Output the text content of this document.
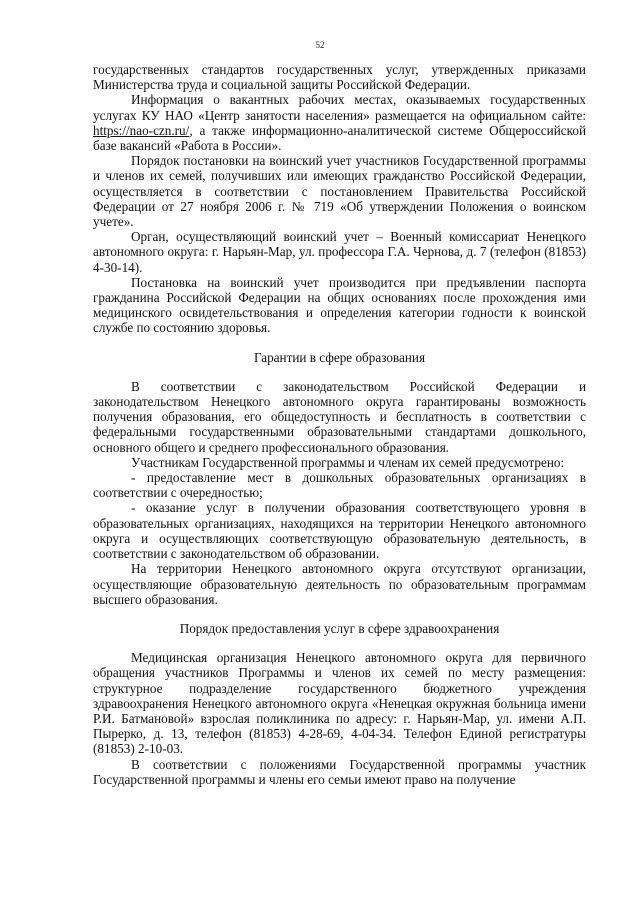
52

государственных стандартов государственных услуг, утвержденных приказами Министерства труда и социальной защиты Российской Федерации.

Информация о вакантных рабочих местах, оказываемых государственных услугах КУ НАО «Центр занятости населения» размещается на официальном сайте: https://nao-czn.ru/, а также информационно-аналитической системе Общероссийской базе вакансий «Работа в России».

Порядок постановки на воинский учет участников Государственной программы и членов их семей, получивших или имеющих гражданство Российской Федерации, осуществляется в соответствии с постановлением Правительства Российской Федерации от 27 ноября 2006 г. № 719 «Об утверждении Положения о воинском учете».

Орган, осуществляющий воинский учет – Военный комиссариат Ненецкого автономного округа: г. Нарьян-Мар, ул. профессора Г.А. Чернова, д. 7 (телефон (81853) 4-30-14).

Постановка на воинский учет производится при предъявлении паспорта гражданина Российской Федерации на общих основаниях после прохождения ими медицинского освидетельствования и определения категории годности к воинской службе по состоянию здоровья.

Гарантии в сфере образования

В соответствии с законодательством Российской Федерации и законодательством Ненецкого автономного округа гарантированы возможность получения образования, его общедоступность и бесплатность в соответствии с федеральными государственными образовательными стандартами дошкольного, основного общего и среднего профессионального образования.

Участникам Государственной программы и членам их семей предусмотрено:

- предоставление мест в дошкольных образовательных организациях в соответствии с очередностью;

- оказание услуг в получении образования соответствующего уровня в образовательных организациях, находящихся на территории Ненецкого автономного округа и осуществляющих соответствующую образовательную деятельность, в соответствии с законодательством об образовании.

На территории Ненецкого автономного округа отсутствуют организации, осуществляющие образовательную деятельность по образовательным программам высшего образования.

Порядок предоставления услуг в сфере здравоохранения

Медицинская организация Ненецкого автономного округа для первичного обращения участников Программы и членов их семей по месту размещения: структурное подразделение государственного бюджетного учреждения здравоохранения Ненецкого автономного округа «Ненецкая окружная больница имени Р.И. Батмановой» взрослая поликлиника по адресу: г. Нарьян-Мар, ул. имени А.П. Пырерко, д. 13, телефон (81853) 4-28-69, 4-04-34. Телефон Единой регистратуры (81853) 2-10-03.

В соответствии с положениями Государственной программы участник Государственной программы и члены его семьи имеют право на получение
